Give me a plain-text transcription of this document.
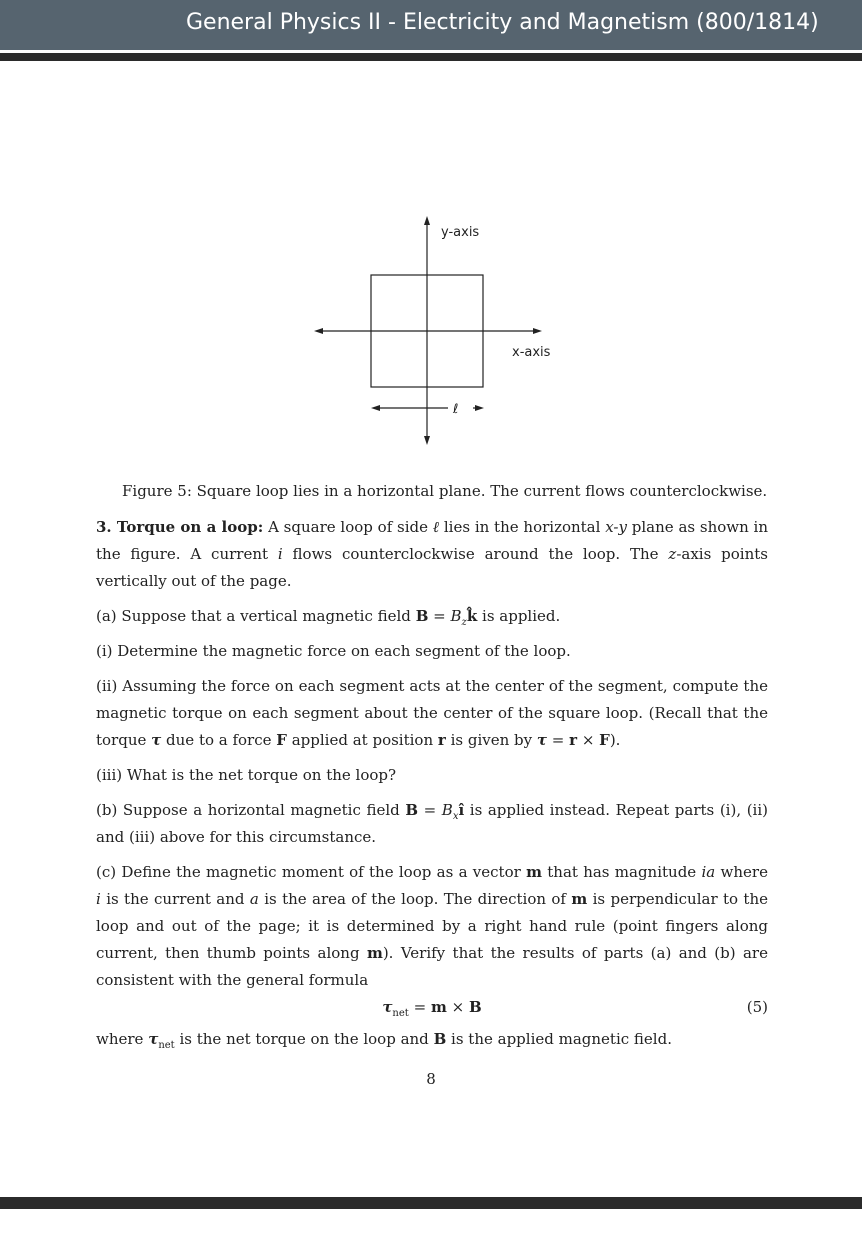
General Physics II - Electricity and Magnetism (800/1814)
y-axis
x-axis
ℓ
Figure 5: Square loop lies in a horizontal plane. The current flows counterclockwise.

3. Torque on a loop: A square loop of side ℓ lies in the horizontal x-y plane as shown in the figure. A current i flows counterclockwise around the loop. The z-axis points vertically out of the page.

(a) Suppose that a vertical magnetic field $B = B_zk̂$ is applied.

(i) Determine the magnetic force on each segment of the loop.

(ii) Assuming the force on each segment acts at the center of the segment, compute the magnetic torque on each segment about the center of the square loop. (Recall that the torque τ due to a force F applied at position r is given by τ = r × F).

(iii) What is the net torque on the loop?

(b) Suppose a horizontal magnetic field $B = B_xî$ is applied instead. Repeat parts (i), (ii) and (iii) above for this circumstance.

(c) Define the magnetic moment of the loop as a vector m that has magnitude ia where i is the current and a is the area of the loop. The direction of m is perpendicular to the loop and out of the page; it is determined by a right hand rule (point fingers along current, then thumb points along m). Verify that the results of parts (a) and (b) are consistent with the general formula

$\tau_{net} = m \times B$	(5)

where $\tau_{net}$ is the net torque on the loop and B is the applied magnetic field.

8
